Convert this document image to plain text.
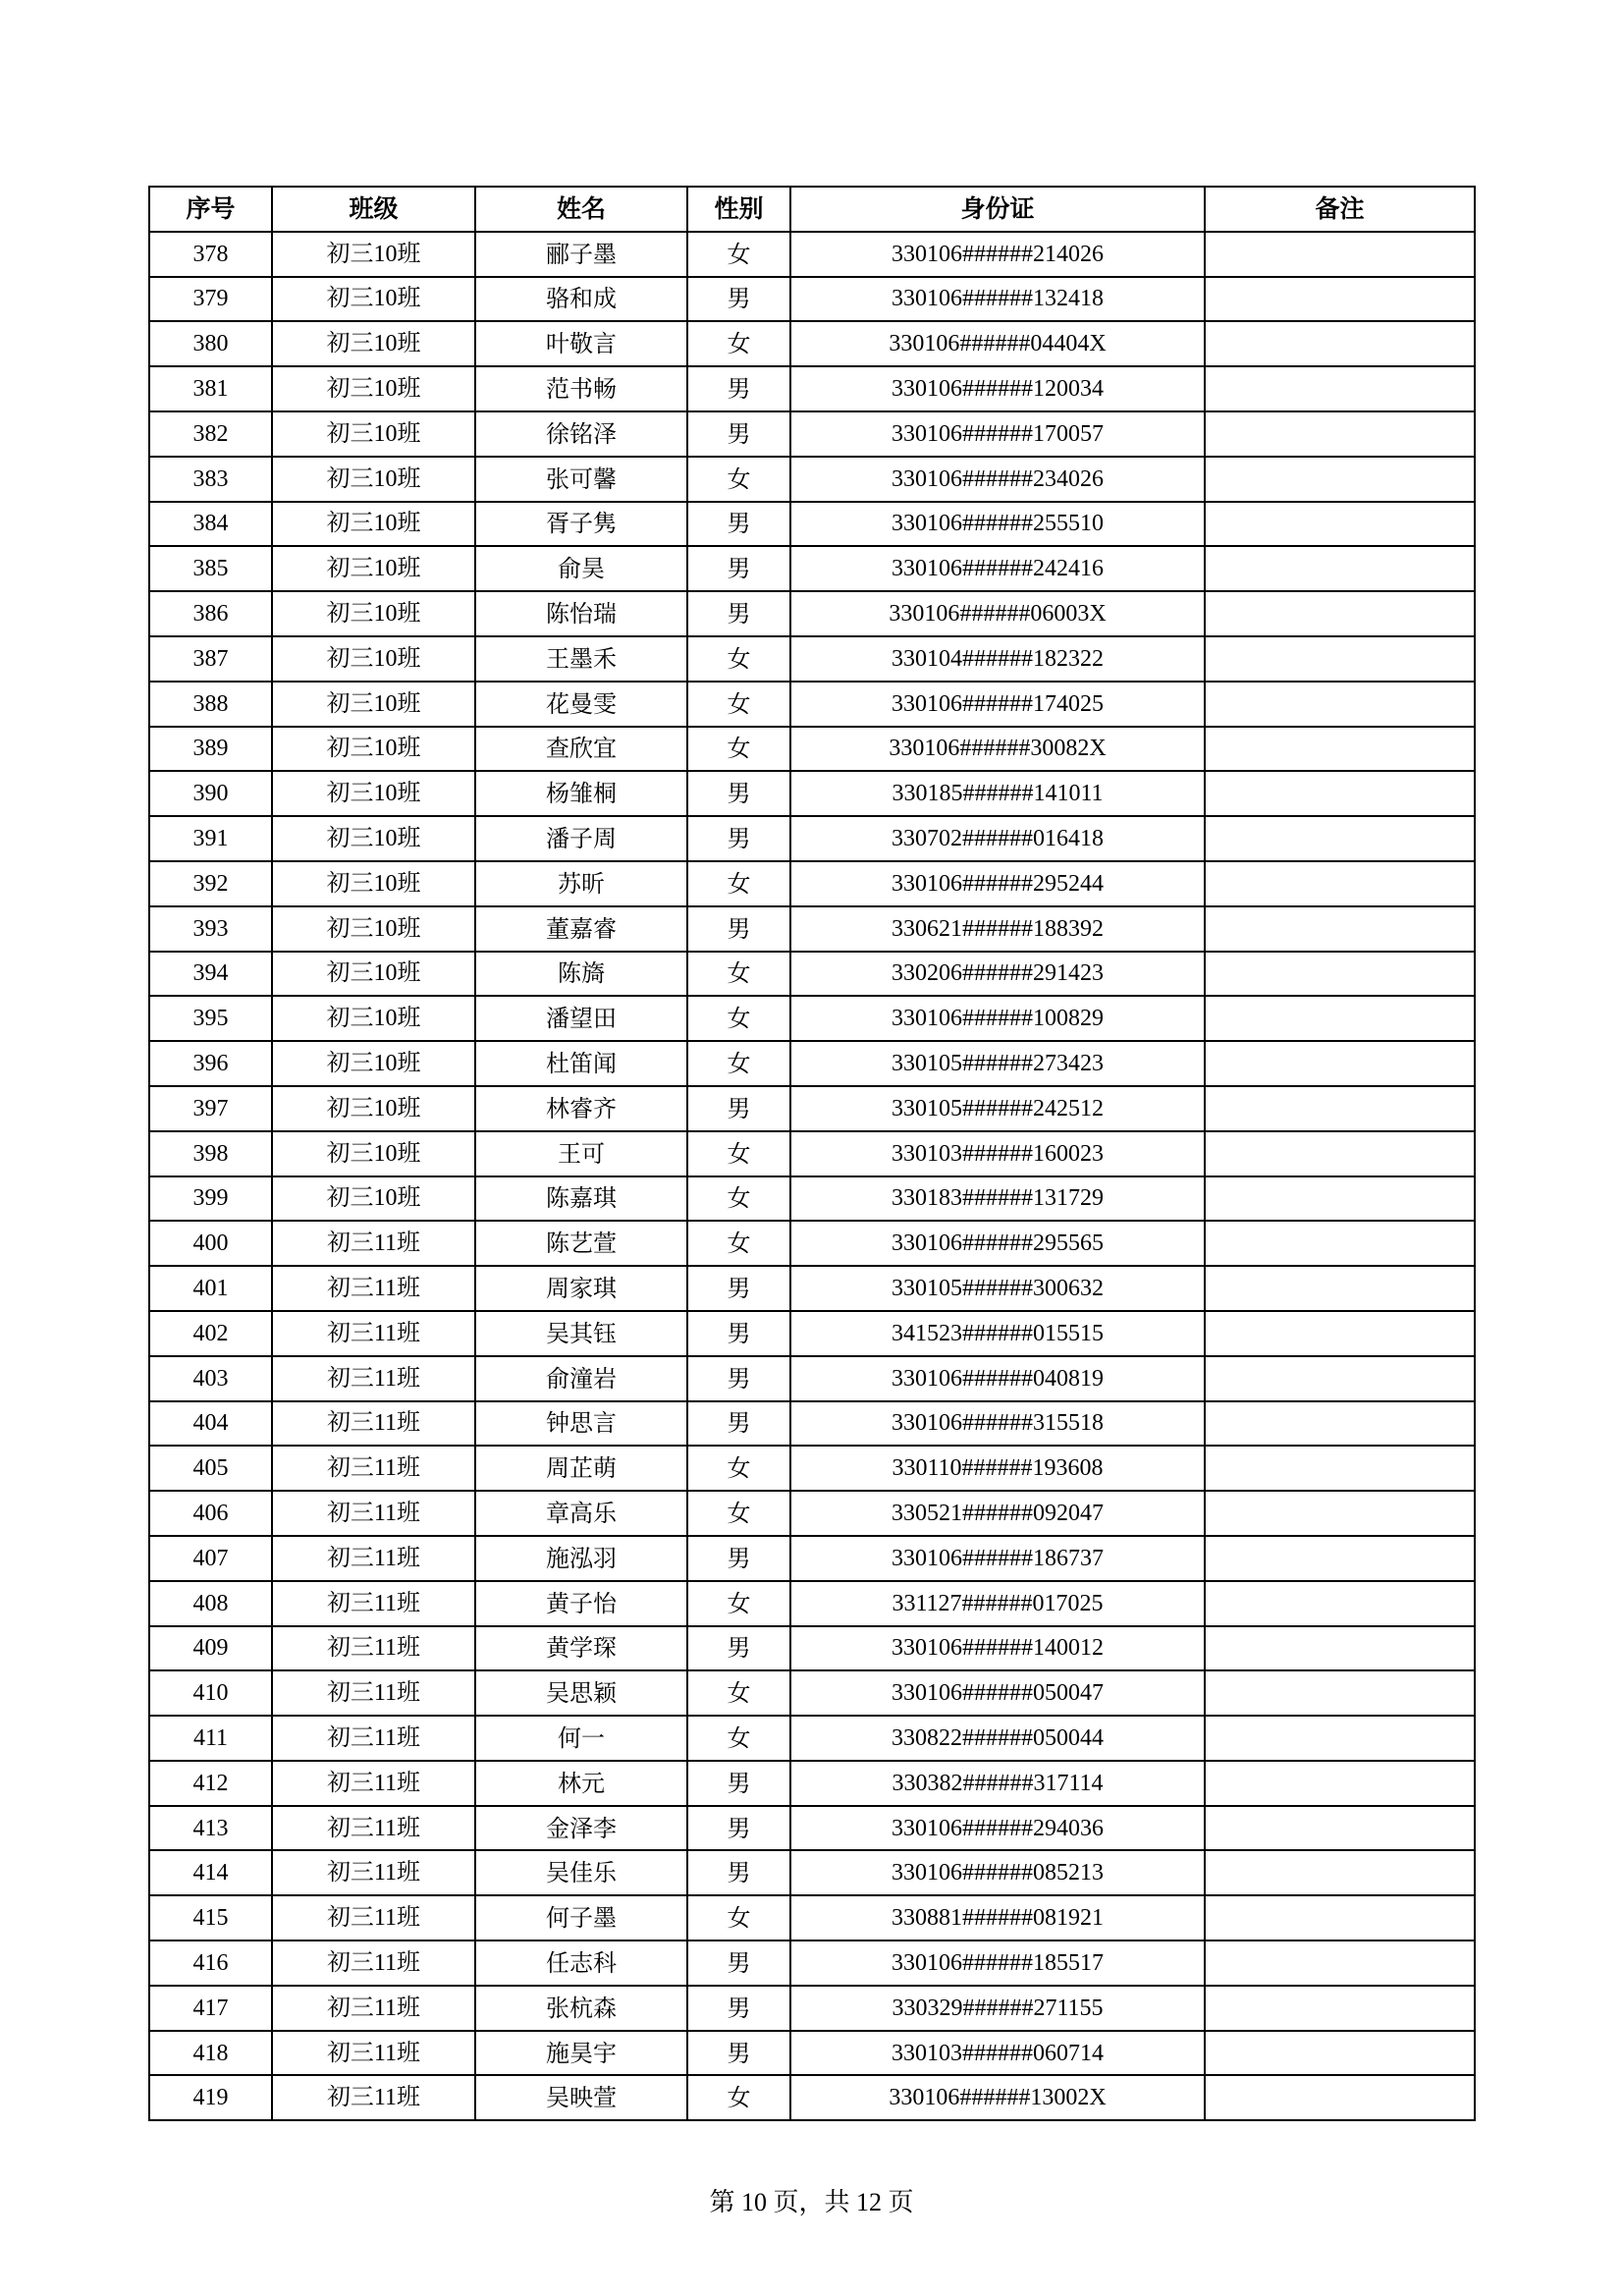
序号	班级	姓名	性别	身份证	备注
378	初三10班	郦子墨	女	330106######214026	
379	初三10班	骆和成	男	330106######132418	
380	初三10班	叶敬言	女	330106######04404X	
381	初三10班	范书畅	男	330106######120034	
382	初三10班	徐铭泽	男	330106######170057	
383	初三10班	张可馨	女	330106######234026	
384	初三10班	胥子隽	男	330106######255510	
385	初三10班	俞昊	男	330106######242416	
386	初三10班	陈怡瑞	男	330106######06003X	
387	初三10班	王墨禾	女	330104######182322	
388	初三10班	花曼雯	女	330106######174025	
389	初三10班	查欣宜	女	330106######30082X	
390	初三10班	杨雏桐	男	330185######141011	
391	初三10班	潘子周	男	330702######016418	
392	初三10班	苏昕	女	330106######295244	
393	初三10班	董嘉睿	男	330621######188392	
394	初三10班	陈旖	女	330206######291423	
395	初三10班	潘望田	女	330106######100829	
396	初三10班	杜笛闻	女	330105######273423	
397	初三10班	林睿齐	男	330105######242512	
398	初三10班	王可	女	330103######160023	
399	初三10班	陈嘉琪	女	330183######131729	
400	初三11班	陈艺萱	女	330106######295565	
401	初三11班	周家琪	男	330105######300632	
402	初三11班	吴其钰	男	341523######015515	
403	初三11班	俞潼岩	男	330106######040819	
404	初三11班	钟思言	男	330106######315518	
405	初三11班	周芷萌	女	330110######193608	
406	初三11班	章高乐	女	330521######092047	
407	初三11班	施泓羽	男	330106######186737	
408	初三11班	黄子怡	女	331127######017025	
409	初三11班	黄学琛	男	330106######140012	
410	初三11班	吴思颖	女	330106######050047	
411	初三11班	何一	女	330822######050044	
412	初三11班	林元	男	330382######317114	
413	初三11班	金泽李	男	330106######294036	
414	初三11班	吴佳乐	男	330106######085213	
415	初三11班	何子墨	女	330881######081921	
416	初三11班	任志科	男	330106######185517	
417	初三11班	张杭森	男	330329######271155	
418	初三11班	施昊宇	男	330103######060714	
419	初三11班	吴映萱	女	330106######13002X	
第 10 页，共 12 页
